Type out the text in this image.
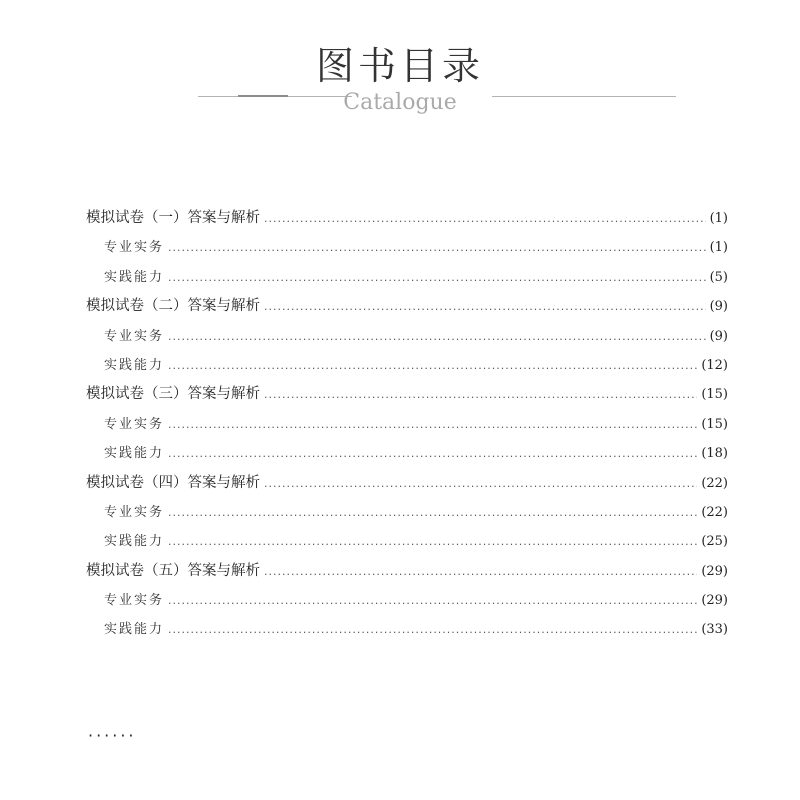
图书目录
Catalogue
模拟试卷（一）答案与解析 .....	(1)
专业实务 .....	(1)
实践能力 .....	(5)
模拟试卷（二）答案与解析 .....	(9)
专业实务 .....	(9)
实践能力 .....	(12)
模拟试卷（三）答案与解析 .....	(15)
专业实务 .....	(15)
实践能力 .....	(18)
模拟试卷（四）答案与解析 .....	(22)
专业实务 .....	(22)
实践能力 .....	(25)
模拟试卷（五）答案与解析 .....	(29)
专业实务 .....	(29)
实践能力 .....	(33)
······
